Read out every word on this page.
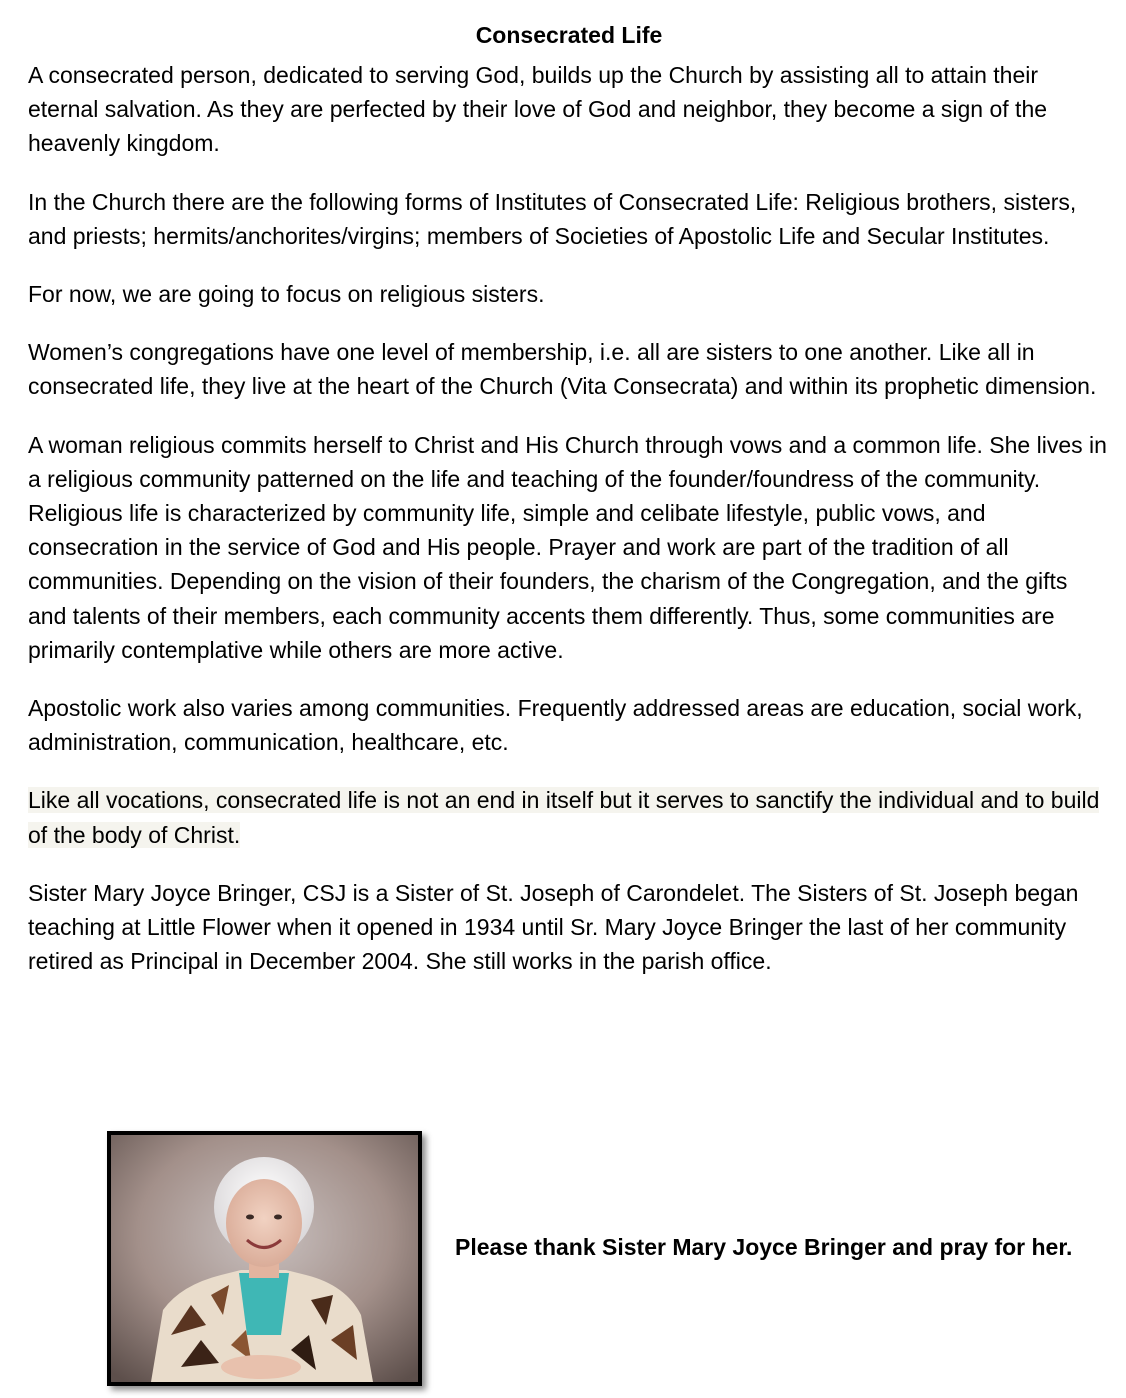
Consecrated Life

A consecrated person, dedicated to serving God, builds up the Church by assisting all to attain their eternal salvation. As they are perfected by their love of God and neighbor, they become a sign of the heavenly kingdom.

In the Church there are the following forms of Institutes of Consecrated Life: Religious brothers, sisters, and priests; hermits/anchorites/virgins; members of Societies of Apostolic Life and Secular Institutes.

For now, we are going to focus on religious sisters.

Women’s congregations have one level of membership, i.e. all are sisters to one another. Like all in consecrated life, they live at the heart of the Church (Vita Consecrata) and within its prophetic dimension.

A woman religious commits herself to Christ and His Church through vows and a common life. She lives in a religious community patterned on the life and teaching of the founder/foundress of the community. Religious life is characterized by community life, simple and celibate lifestyle, public vows, and consecration in the service of God and His people. Prayer and work are part of the tradition of all communities. Depending on the vision of their founders, the charism of the Congregation, and the gifts and talents of their members, each community accents them differently. Thus, some communities are primarily contemplative while others are more active.

Apostolic work also varies among communities. Frequently addressed areas are education, social work, administration, communication, healthcare, etc.

Like all vocations, consecrated life is not an end in itself but it serves to sanctify the individual and to build of the body of Christ.

Sister Mary Joyce Bringer, CSJ is a Sister of St. Joseph of Carondelet. The Sisters of St. Joseph began teaching at Little Flower when it opened in 1934 until Sr. Mary Joyce Bringer the last of her community retired as Principal in December 2004. She still works in the parish office.

Please thank Sister Mary Joyce Bringer and pray for her.
